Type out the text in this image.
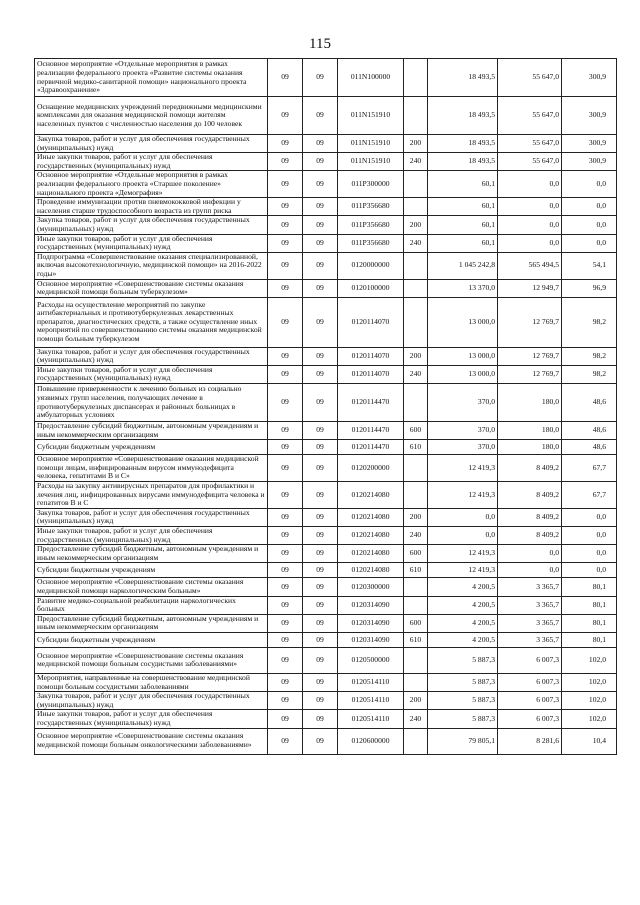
115
Основное мероприятие «Отдельные мероприятия в рамках реализации федерального проекта «Развитие системы оказания первичной медико-санитарной помощи» национального проекта «Здравоохранение»	09	09	011N100000		18 493,5	55 647,0	300,9
Оснащение медицинских учреждений передвижными медицинскими комплексами для оказания медицинской помощи жителям населенных пунктов с численностью населения до 100 человек	09	09	011N151910		18 493,5	55 647,0	300,9
Закупка товаров, работ и услуг для обеспечения государственных (муниципальных) нужд	09	09	011N151910	200	18 493,5	55 647,0	300,9
Иные закупки товаров, работ и услуг для обеспечения государственных (муниципальных) нужд	09	09	011N151910	240	18 493,5	55 647,0	300,9
Основное мероприятие «Отдельные мероприятия в рамках реализации федерального проекта «Старшее поколение» национального проекта «Демография»	09	09	011P300000		60,1	0,0	0,0
Проведение иммунизации против пневмококковой инфекции у населения старше трудоспособного возраста из групп риска	09	09	011P356680		60,1	0,0	0,0
Закупка товаров, работ и услуг для обеспечения государственных (муниципальных) нужд	09	09	011P356680	200	60,1	0,0	0,0
Иные закупки товаров, работ и услуг для обеспечения государственных (муниципальных) нужд	09	09	011P356680	240	60,1	0,0	0,0
Подпрограмма «Совершенствование оказания специализированной, включая высокотехнологичную, медицинской помощи» на 2016-2022 годы»	09	09	0120000000		1 045 242,8	565 494,5	54,1
Основное мероприятие «Совершенствование системы оказания медицинской помощи больным туберкулезом»	09	09	0120100000		13 370,0	12 949,7	96,9
Расходы на осуществление мероприятий по закупке антибактериальных и противотуберкулезных лекарственных препаратов, диагностических средств, а также осуществление иных мероприятий по совершенствованию системы оказания медицинской помощи больным туберкулезом	09	09	0120114070		13 000,0	12 769,7	98,2
Закупка товаров, работ и услуг для обеспечения государственных (муниципальных) нужд	09	09	0120114070	200	13 000,0	12 769,7	98,2
Иные закупки товаров, работ и услуг для обеспечения государственных (муниципальных) нужд	09	09	0120114070	240	13 000,0	12 769,7	98,2
Повышение приверженности к лечению больных из социально уязвимых групп населения, получающих лечение в противотуберкулезных диспансерах и районных больницах в амбулаторных условиях	09	09	0120114470		370,0	180,0	48,6
Предоставление субсидий бюджетным, автономным учреждениям и иным некоммерческим организациям	09	09	0120114470	600	370,0	180,0	48,6
Субсидии бюджетным учреждениям	09	09	0120114470	610	370,0	180,0	48,6
Основное мероприятие «Совершенствование оказания медицинской помощи лицам, инфицированным вирусом иммунодефицита человека, гепатитами B и C»	09	09	0120200000		12 419,3	8 409,2	67,7
Расходы на закупку антивирусных препаратов для профилактики и лечения лиц, инфицированных вирусами иммунодефицита человека и гепатитов B и C	09	09	0120214080		12 419,3	8 409,2	67,7
Закупка товаров, работ и услуг для обеспечения государственных (муниципальных) нужд	09	09	0120214080	200	0,0	8 409,2	0,0
Иные закупки товаров, работ и услуг для обеспечения государственных (муниципальных) нужд	09	09	0120214080	240	0,0	8 409,2	0,0
Предоставление субсидий бюджетным, автономным учреждениям и иным некоммерческим организациям	09	09	0120214080	600	12 419,3	0,0	0,0
Субсидии бюджетным учреждениям	09	09	0120214080	610	12 419,3	0,0	0,0
Основное мероприятие «Совершенствование системы оказания медицинской помощи наркологическим больным»	09	09	0120300000		4 200,5	3 365,7	80,1
Развитие медико-социальной реабилитации наркологических больных	09	09	0120314090		4 200,5	3 365,7	80,1
Предоставление субсидий бюджетным, автономным учреждениям и иным некоммерческим организациям	09	09	0120314090	600	4 200,5	3 365,7	80,1
Субсидии бюджетным учреждениям	09	09	0120314090	610	4 200,5	3 365,7	80,1
Основное мероприятие «Совершенствование системы оказания медицинской помощи больным сосудистыми заболеваниями»	09	09	0120500000		5 887,3	6 007,3	102,0
Мероприятия, направленные на совершенствование медицинской помощи больным сосудистыми заболеваниями	09	09	0120514110		5 887,3	6 007,3	102,0
Закупка товаров, работ и услуг для обеспечения государственных (муниципальных) нужд	09	09	0120514110	200	5 887,3	6 007,3	102,0
Иные закупки товаров, работ и услуг для обеспечения государственных (муниципальных) нужд	09	09	0120514110	240	5 887,3	6 007,3	102,0
Основное мероприятие «Совершенствование системы оказания медицинской помощи больным онкологическими заболеваниями»	09	09	0120600000		79 805,1	8 281,6	10,4
